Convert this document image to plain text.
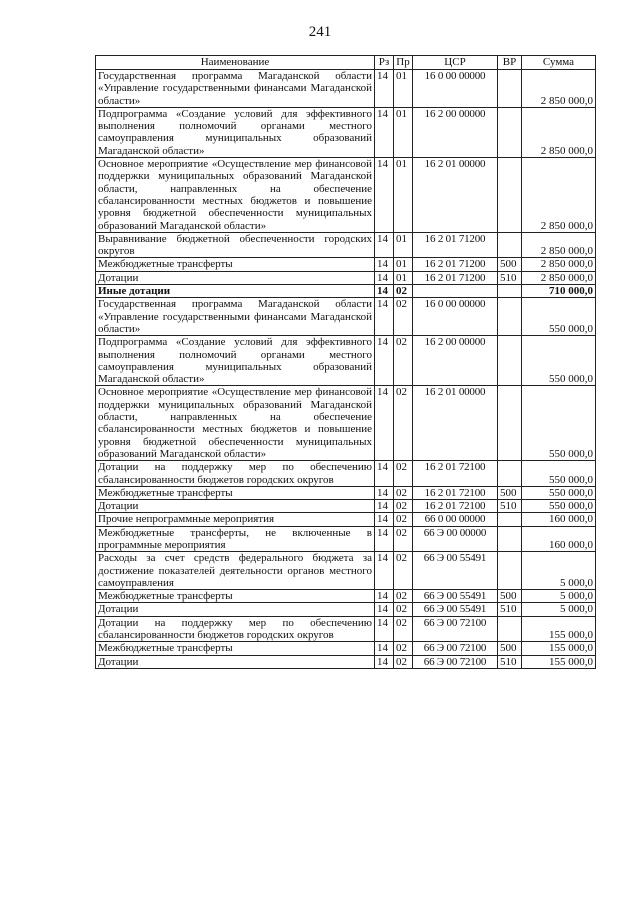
241
Наименование	Рз	Пр	ЦСР	ВР	Сумма
Государственная программа Магаданской области «Управление государственными финансами Магаданской области»	14	01	16 0 00 00000		2 850 000,0
Подпрограмма «Создание условий для эффективного выполнения полномочий органами местного самоуправления муниципальных образований Магаданской области»	14	01	16 2 00 00000		2 850 000,0
Основное мероприятие «Осуществление мер финансовой поддержки муниципальных образований Магаданской области, направленных на обеспечение сбалансированности местных бюджетов и повышение уровня бюджетной обеспеченности муниципальных образований Магаданской области»	14	01	16 2 01 00000		2 850 000,0
Выравнивание бюджетной обеспеченности городских округов	14	01	16 2 01 71200		2 850 000,0
Межбюджетные трансферты	14	01	16 2 01 71200	500	2 850 000,0
Дотации	14	01	16 2 01 71200	510	2 850 000,0
Иные дотации	14	02			710 000,0
Государственная программа Магаданской области «Управление государственными финансами Магаданской области»	14	02	16 0 00 00000		550 000,0
Подпрограмма «Создание условий для эффективного выполнения полномочий органами местного самоуправления муниципальных образований Магаданской области»	14	02	16 2 00 00000		550 000,0
Основное мероприятие «Осуществление мер финансовой поддержки муниципальных образований Магаданской области, направленных на обеспечение сбалансированности местных бюджетов и повышение уровня бюджетной обеспеченности муниципальных образований Магаданской области»	14	02	16 2 01 00000		550 000,0
Дотации на поддержку мер по обеспечению сбалансированности бюджетов городских округов	14	02	16 2 01 72100		550 000,0
Межбюджетные трансферты	14	02	16 2 01 72100	500	550 000,0
Дотации	14	02	16 2 01 72100	510	550 000,0
Прочие непрограммные мероприятия	14	02	66 0 00 00000		160 000,0
Межбюджетные трансферты, не включенные в программные мероприятия	14	02	66 Э 00 00000		160 000,0
Расходы за счет средств федерального бюджета за достижение показателей деятельности органов местного самоуправления	14	02	66 Э 00 55491		5 000,0
Межбюджетные трансферты	14	02	66 Э 00 55491	500	5 000,0
Дотации	14	02	66 Э 00 55491	510	5 000,0
Дотации на поддержку мер по обеспечению сбалансированности бюджетов городских округов	14	02	66 Э 00 72100		155 000,0
Межбюджетные трансферты	14	02	66 Э 00 72100	500	155 000,0
Дотации	14	02	66 Э 00 72100	510	155 000,0
